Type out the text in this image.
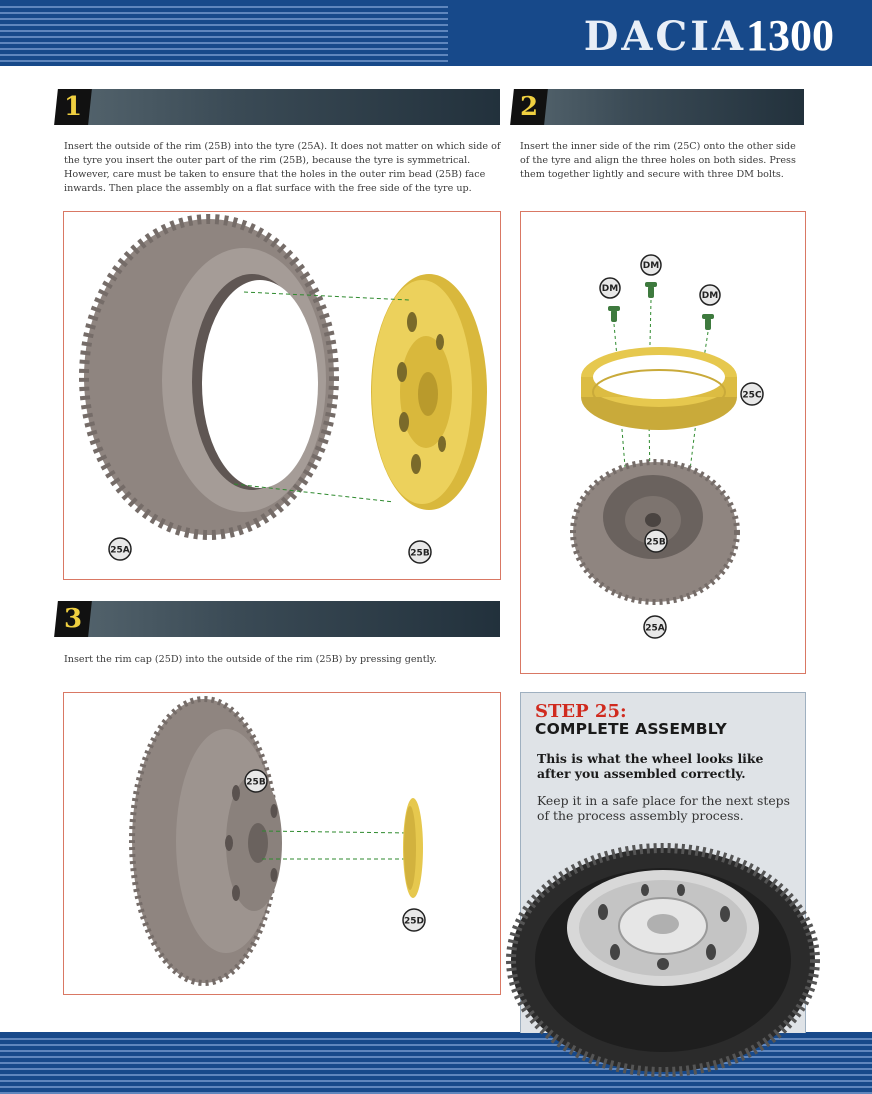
DACIA1300
1

Insert the outside of the rim (25B) into the tyre (25A). It does not matter on which side of the tyre you insert the outer part of the rim (25B), because the tyre is symmetrical. However, care must be taken to ensure that the holes in the outer rim bead (25B) face inwards. Then place the assembly on a flat surface with the free side of the tyre up.

25A	25B
2

Insert the inner side of the rim (25C) onto the other side of the tyre and align the three holes on both sides. Press them together lightly and secure with three DM bolts.

DM
DM
DM
25C
25B
25A
3

Insert the rim cap (25D) into the outside of the rim (25B) by pressing gently.

25B
25D
STEP 25:
COMPLETE ASSEMBLY

This is what the wheel looks like after you assembled correctly.

Keep it in a safe place for the next steps of the process assembly process.
